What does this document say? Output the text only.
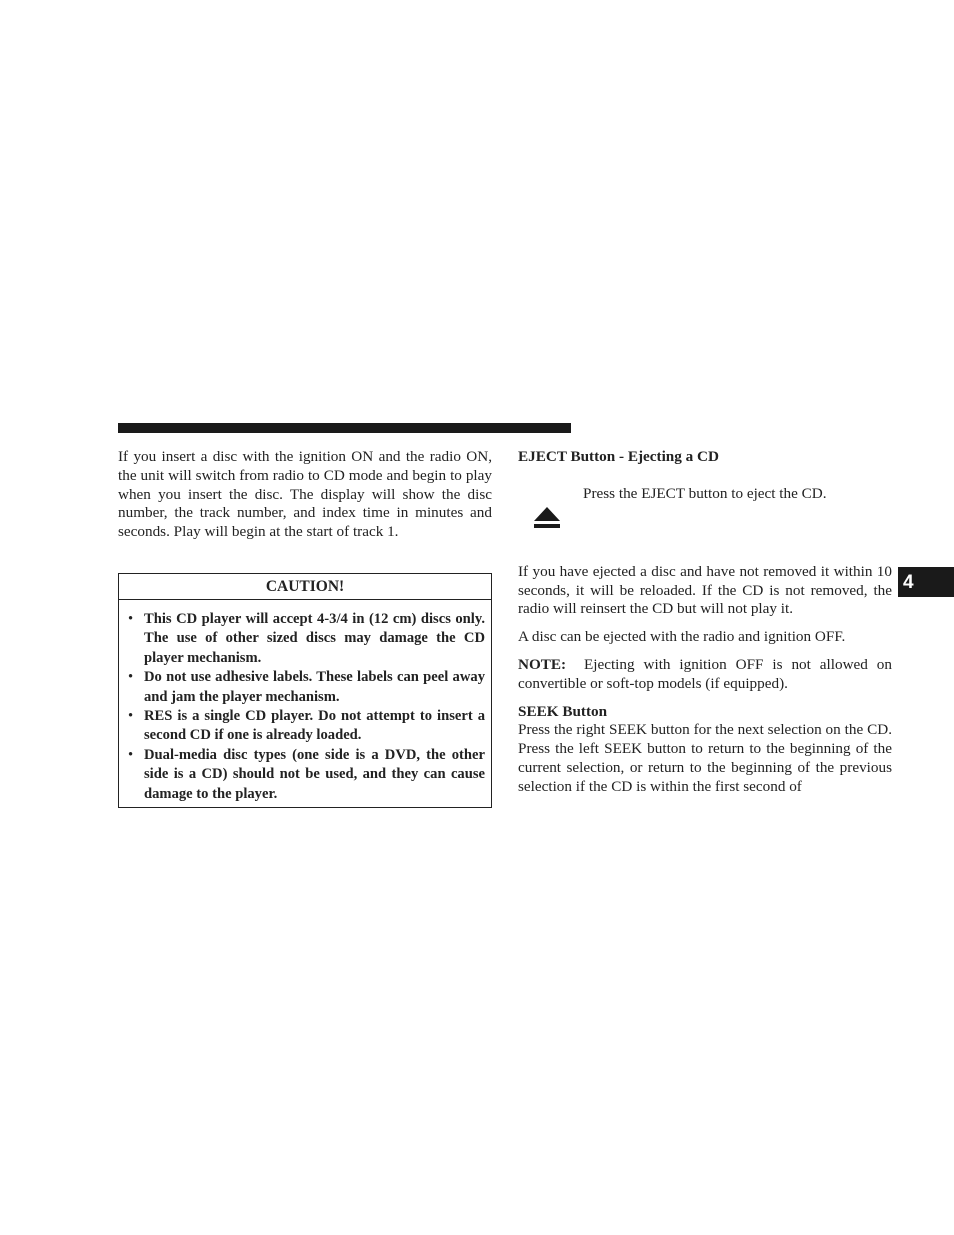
If you insert a disc with the ignition ON and the radio ON, the unit will switch from radio to CD mode and begin to play when you insert the disc. The display will show the disc number, the track number, and index time in minutes and seconds. Play will begin at the start of track 1.

CAUTION!
• This CD player will accept 4-3/4 in (12 cm) discs only. The use of other sized discs may damage the CD player mechanism.
• Do not use adhesive labels. These labels can peel away and jam the player mechanism.
• RES is a single CD player. Do not attempt to insert a second CD if one is already loaded.
• Dual-media disc types (one side is a DVD, the other side is a CD) should not be used, and they can cause damage to the player.
EJECT Button - Ejecting a CD
Press the EJECT button to eject the CD.

If you have ejected a disc and have not removed it within 10 seconds, it will be reloaded. If the CD is not removed, the radio will reinsert the CD but will not play it.

A disc can be ejected with the radio and ignition OFF.

NOTE: Ejecting with ignition OFF is not allowed on convertible or soft-top models (if equipped).

SEEK Button

Press the right SEEK button for the next selection on the CD. Press the left SEEK button to return to the beginning of the current selection, or return to the beginning of the previous selection if the CD is within the first second of

4
